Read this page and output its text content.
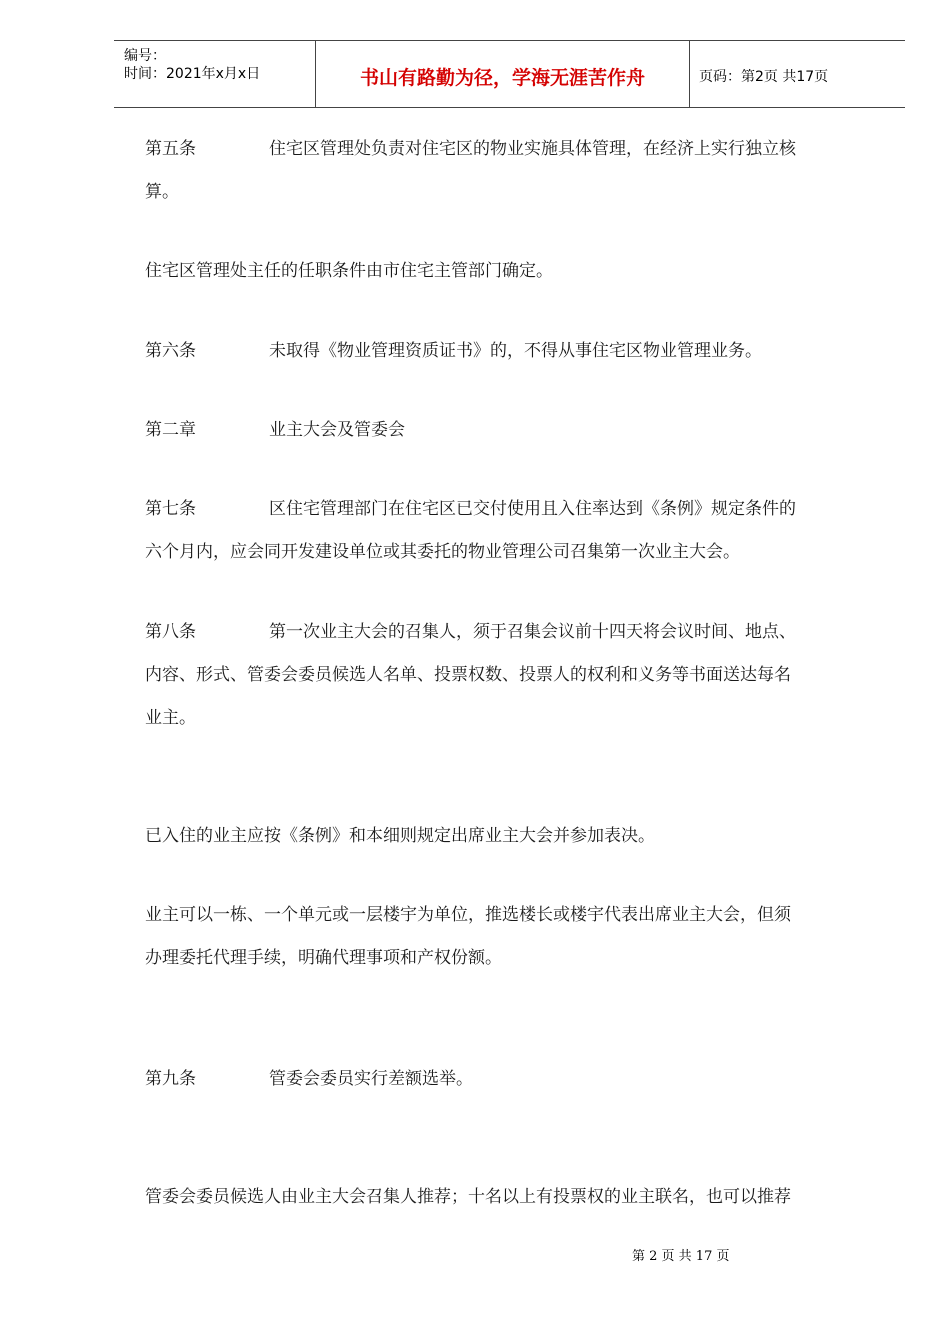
编号：
时间：2021年x月x日	书山有路勤为径，学海无涯苦作舟	页码：第2页 共17页
第五条	住宅区管理处负责对住宅区的物业实施具体管理，在经济上实行独立核
算。
住宅区管理处主任的任职条件由市住宅主管部门确定。
第六条	未取得《物业管理资质证书》的，不得从事住宅区物业管理业务。
第二章	业主大会及管委会
第七条	区住宅管理部门在住宅区已交付使用且入住率达到《条例》规定条件的
六个月内，应会同开发建设单位或其委托的物业管理公司召集第一次业主大会。
第八条	第一次业主大会的召集人，须于召集会议前十四天将会议时间、地点、
内容、形式、管委会委员候选人名单、投票权数、投票人的权利和义务等书面送达每名
业主。
已入住的业主应按《条例》和本细则规定出席业主大会并参加表决。
业主可以一栋、一个单元或一层楼宇为单位，推选楼长或楼宇代表出席业主大会，但须
办理委托代理手续，明确代理事项和产权份额。
第九条	管委会委员实行差额选举。
管委会委员候选人由业主大会召集人推荐；十名以上有投票权的业主联名，也可以推荐
第 2 页 共 17 页
